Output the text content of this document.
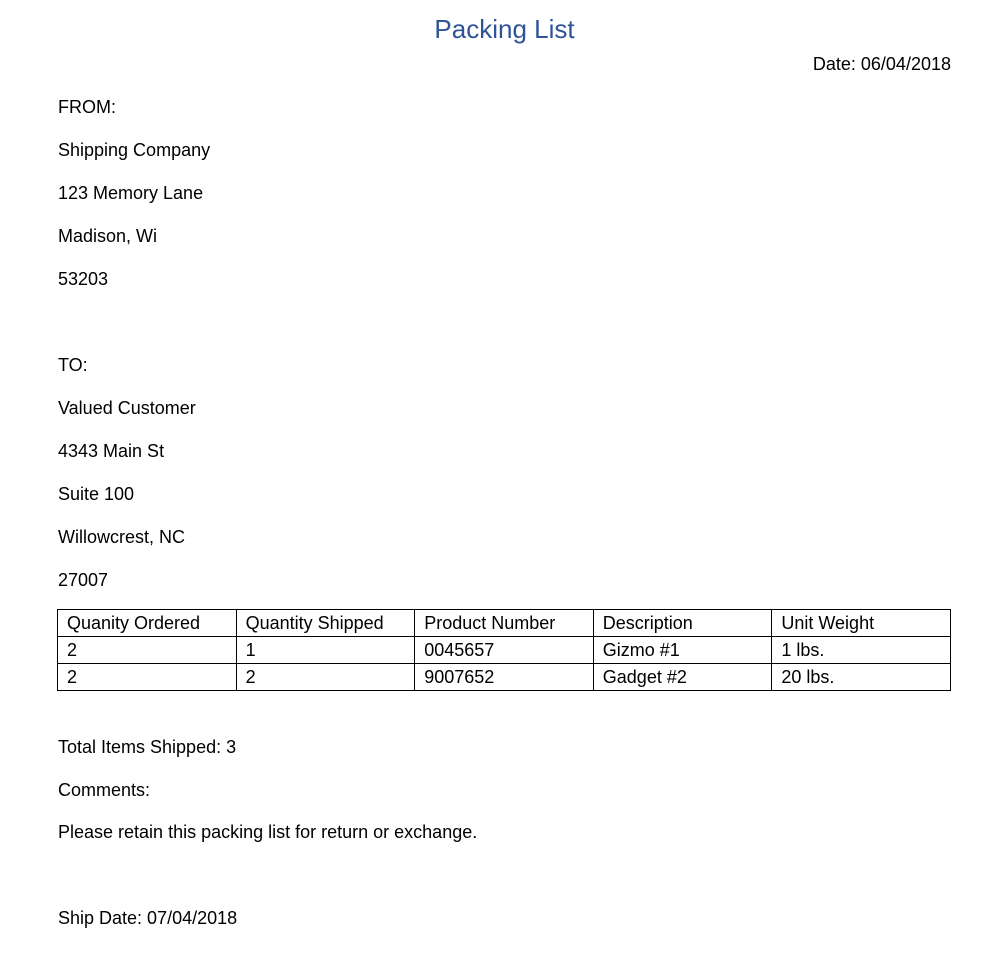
Packing List
Date: 06/04/2018
FROM:
Shipping Company
123 Memory Lane
Madison, Wi
53203
TO:
Valued Customer
4343 Main St
Suite 100
Willowcrest, NC
27007
Quanity Ordered	Quantity Shipped	Product Number	Description	Unit Weight
2	1	0045657	Gizmo #1	1 lbs.
2	2	9007652	Gadget #2	20 lbs.
Total Items Shipped: 3
Comments:
Please retain this packing list for return or exchange.
Ship Date: 07/04/2018
